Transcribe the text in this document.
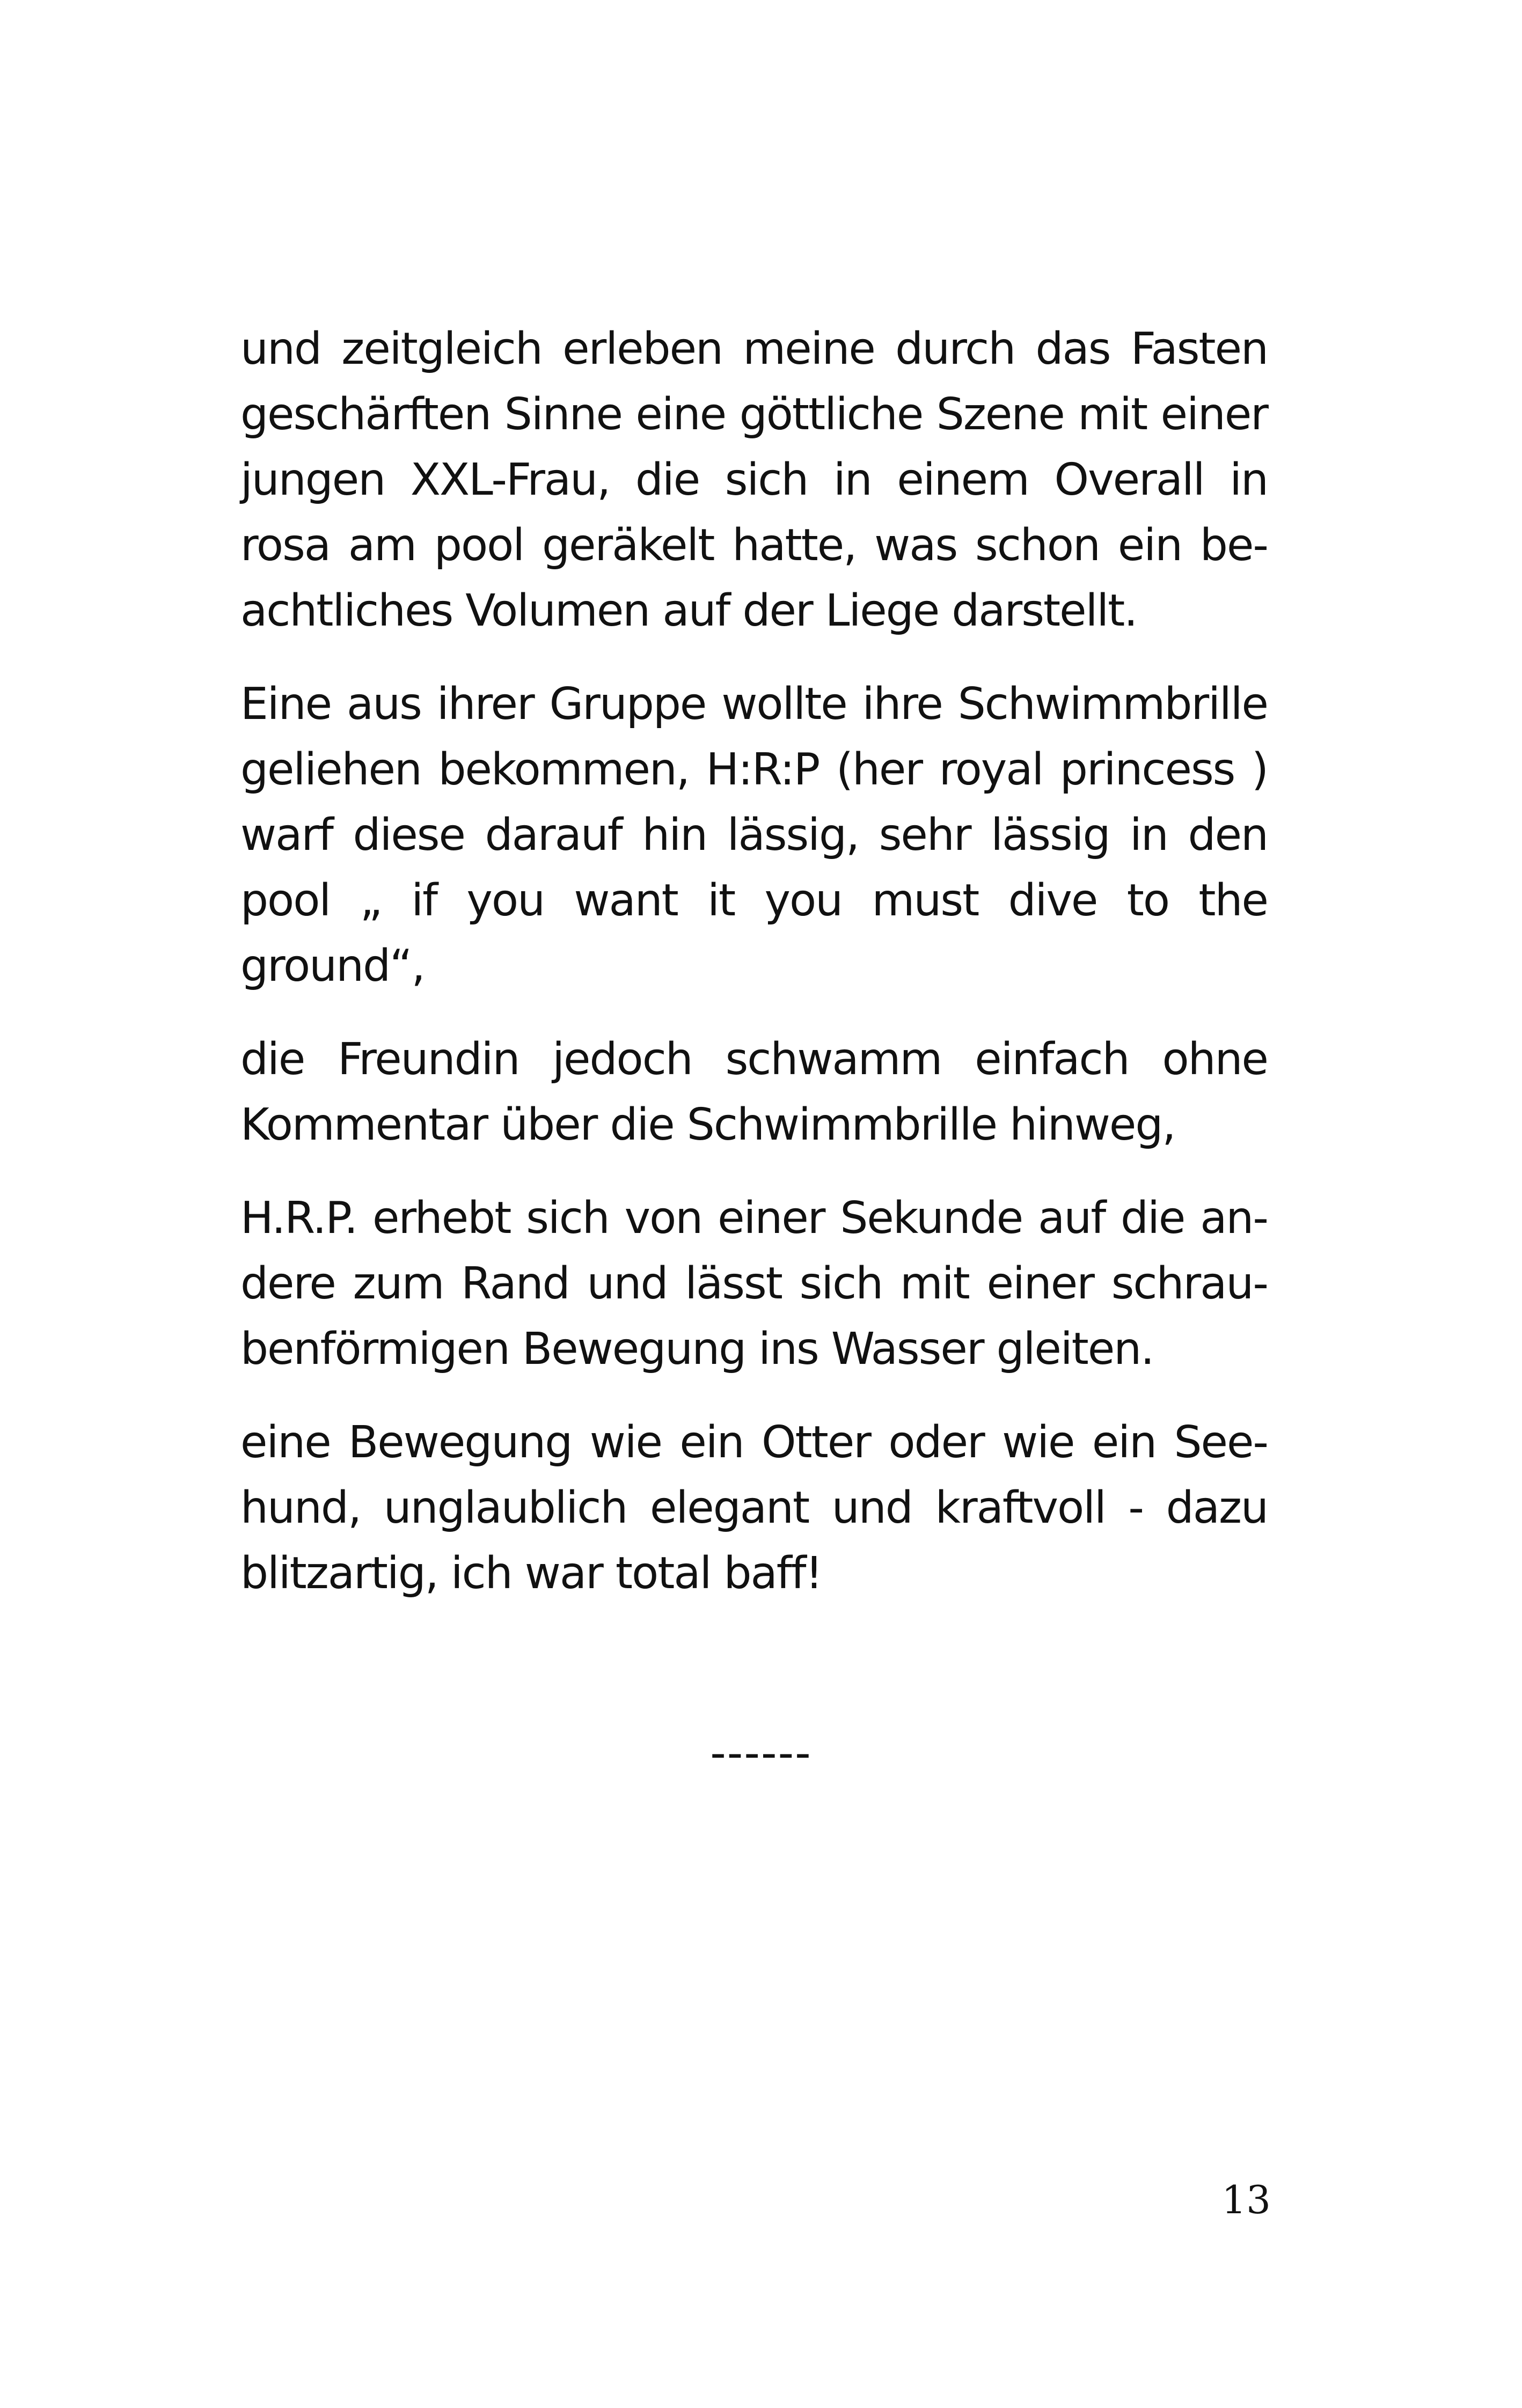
und zeitgleich erleben meine durch das Fasten
geschärften Sinne eine göttliche Szene mit einer
jungen XXL-Frau, die sich in einem Overall in
rosa am pool geräkelt hatte, was schon ein be-
achtliches Volumen auf der Liege darstellt.

Eine aus ihrer Gruppe wollte ihre Schwimmbrille
geliehen bekommen, H:R:P (her royal princess )
warf diese darauf hin lässig, sehr lässig in den
pool „ if you want it you must dive to the
ground“,

die Freundin jedoch schwamm einfach ohne
Kommentar über die Schwimmbrille hinweg,

H.R.P. erhebt sich von einer Sekunde auf die an-
dere zum Rand und lässt sich mit einer schrau-
benförmigen Bewegung ins Wasser gleiten.

eine Bewegung wie ein Otter oder wie ein See-
hund, unglaublich elegant und kraftvoll - dazu
blitzartig, ich war total baff!

------
13
